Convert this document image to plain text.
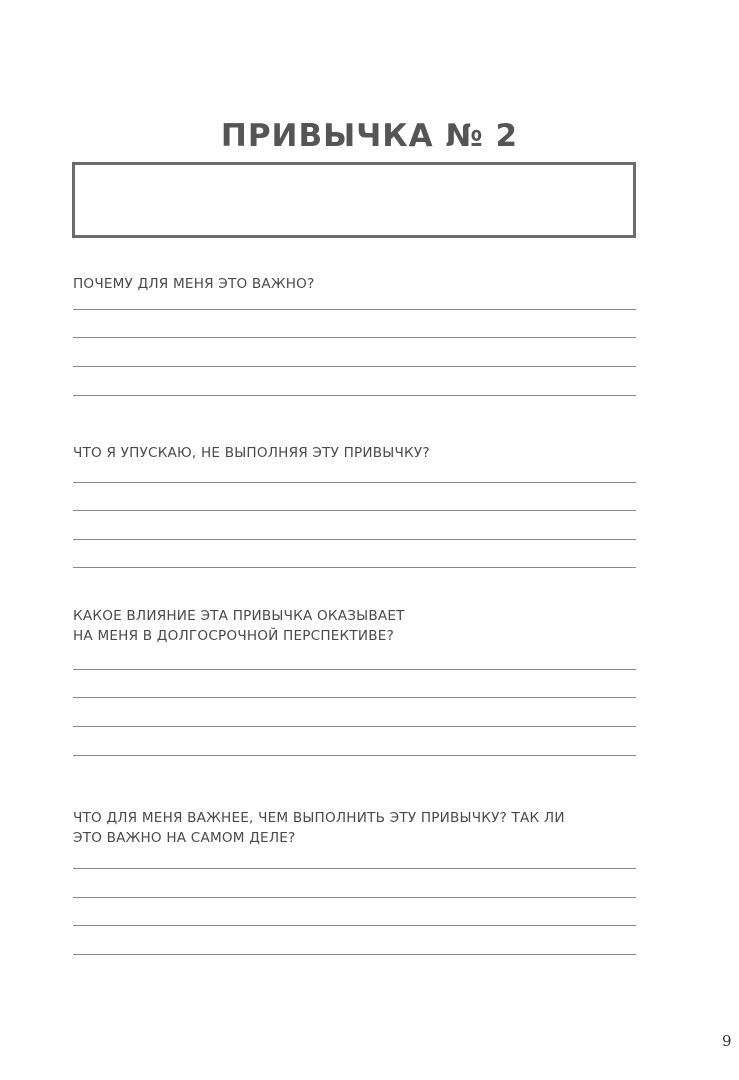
ПРИВЫЧКА № 2
ПОЧЕМУ ДЛЯ МЕНЯ ЭТО ВАЖНО?
ЧТО Я УПУСКАЮ, НЕ ВЫПОЛНЯЯ ЭТУ ПРИВЫЧКУ?
КАКОЕ ВЛИЯНИЕ ЭТА ПРИВЫЧКА ОКАЗЫВАЕТ
НА МЕНЯ В ДОЛГОСРОЧНОЙ ПЕРСПЕКТИВЕ?
ЧТО ДЛЯ МЕНЯ ВАЖНЕЕ, ЧЕМ ВЫПОЛНИТЬ ЭТУ ПРИВЫЧКУ? ТАК ЛИ
ЭТО ВАЖНО НА САМОМ ДЕЛЕ?
9
